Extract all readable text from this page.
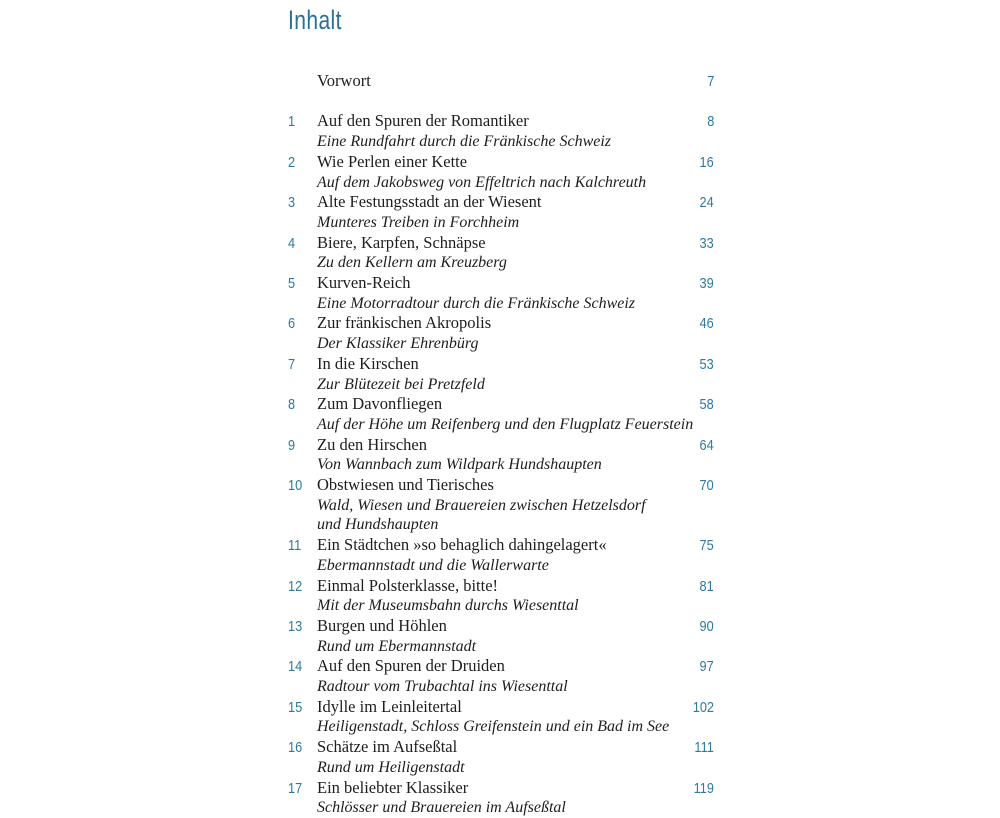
Inhalt
Vorwort	7
1	Auf den Spuren der Romantiker	8
Eine Rundfahrt durch die Fränkische Schweiz
2	Wie Perlen einer Kette	16
Auf dem Jakobsweg von Effeltrich nach Kalchreuth
3	Alte Festungsstadt an der Wiesent	24
Munteres Treiben in Forchheim
4	Biere, Karpfen, Schnäpse	33
Zu den Kellern am Kreuzberg
5	Kurven-Reich	39
Eine Motorradtour durch die Fränkische Schweiz
6	Zur fränkischen Akropolis	46
Der Klassiker Ehrenbürg
7	In die Kirschen	53
Zur Blütezeit bei Pretzfeld
8	Zum Davonfliegen	58
Auf der Höhe um Reifenberg und den Flugplatz Feuerstein
9	Zu den Hirschen	64
Von Wannbach zum Wildpark Hundshaupten
10 Obstwiesen und Tierisches	70
Wald, Wiesen und Brauereien zwischen Hetzelsdorf
und Hundshaupten
11 Ein Städtchen »so behaglich dahingelagert«	75
Ebermannstadt und die Wallerwarte
12 Einmal Polsterklasse, bitte!	81
Mit der Museumsbahn durchs Wiesenttal
13 Burgen und Höhlen	90
Rund um Ebermannstadt
14 Auf den Spuren der Druiden	97
Radtour vom Trubachtal ins Wiesenttal
15 Idylle im Leinleitertal	102
Heiligenstadt, Schloss Greifenstein und ein Bad im See
16 Schätze im Aufseßtal	111
Rund um Heiligenstadt
17 Ein beliebter Klassiker	119
Schlösser und Brauereien im Aufseßtal
